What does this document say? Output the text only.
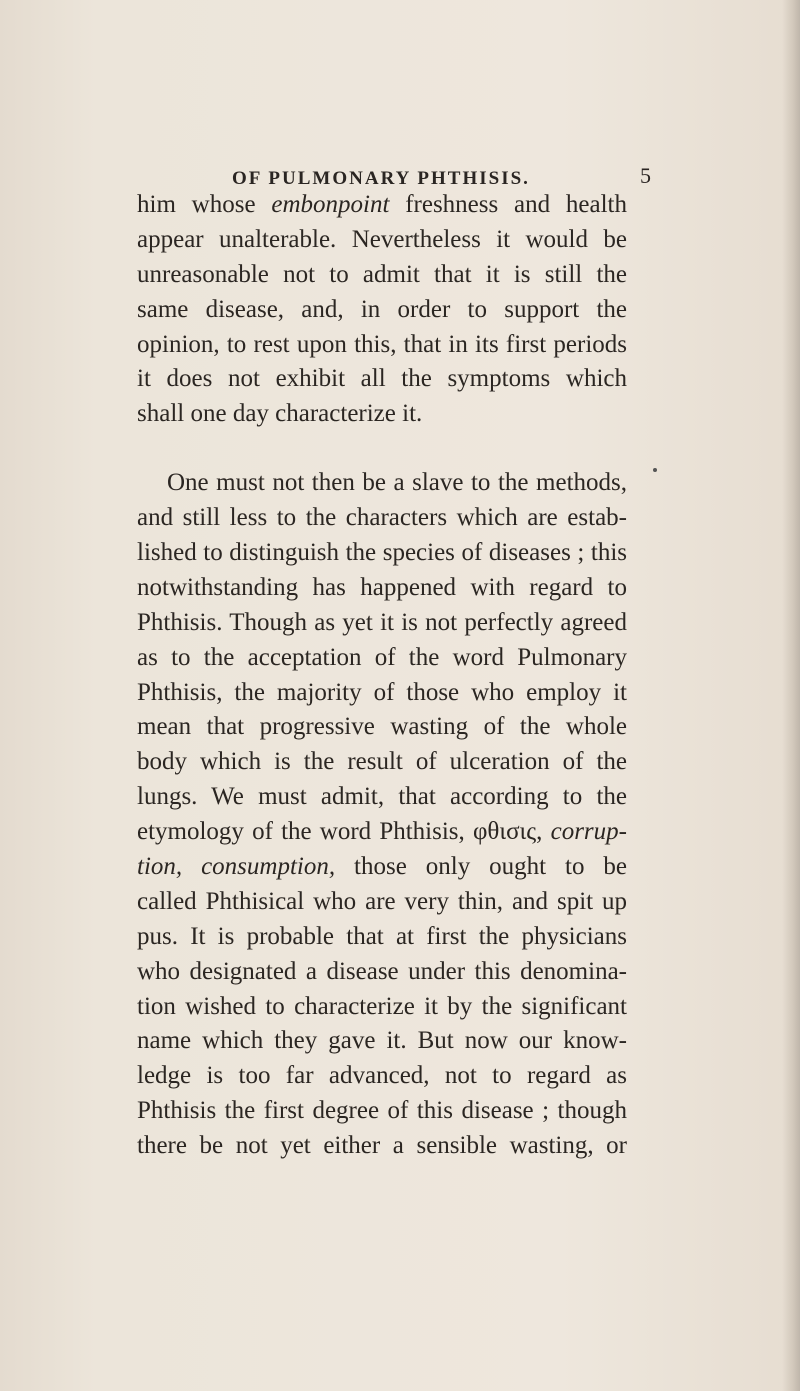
OF PULMONARY PHTHISIS.	5
him whose embonpoint freshness and health
appear unalterable. Nevertheless it would be
unreasonable not to admit that it is still the
same disease, and, in order to support the
opinion, to rest upon this, that in its first periods
it does not exhibit all the symptoms which
shall one day characterize it.
One must not then be a slave to the methods,
and still less to the characters which are estab-
lished to distinguish the species of diseases ; this
notwithstanding has happened with regard to
Phthisis. Though as yet it is not perfectly agreed
as to the acceptation of the word Pulmonary
Phthisis, the majority of those who employ it
mean that progressive wasting of the whole
body which is the result of ulceration of the
lungs. We must admit, that according to the
etymology of the word Phthisis, φθισις, corrup-
tion, consumption, those only ought to be
called Phthisical who are very thin, and spit up
pus. It is probable that at first the physicians
who designated a disease under this denomina-
tion wished to characterize it by the significant
name which they gave it. But now our know-
ledge is too far advanced, not to regard as
Phthisis the first degree of this disease ; though
there be not yet either a sensible wasting, or
